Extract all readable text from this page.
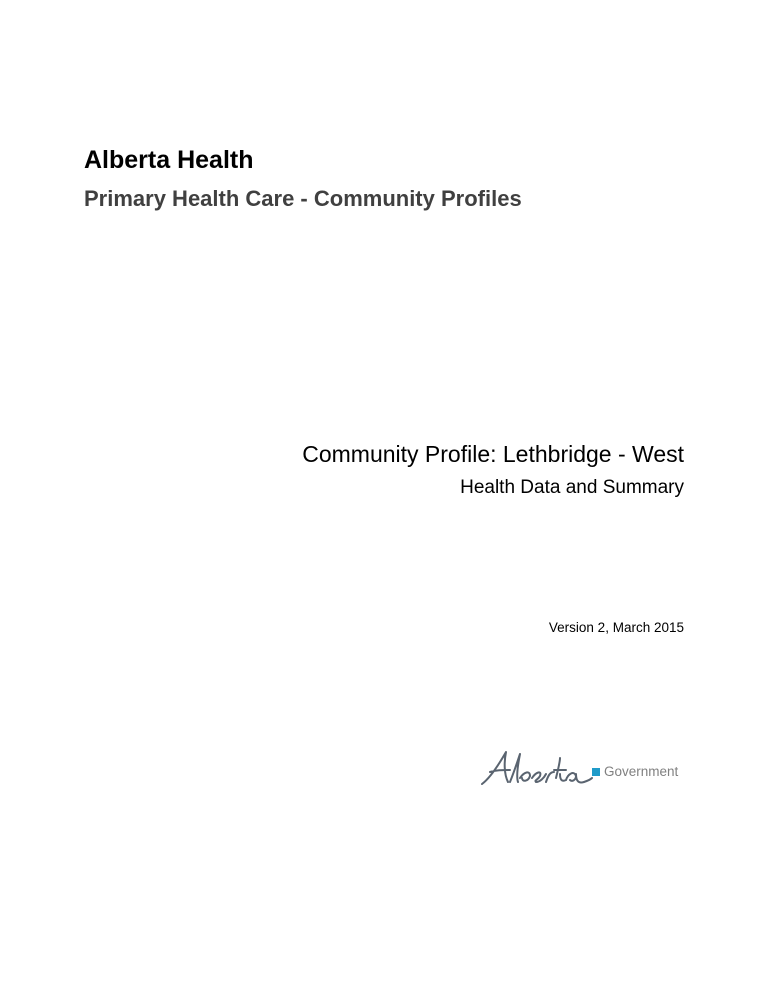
Alberta Health
Primary Health Care - Community Profiles
Community Profile: Lethbridge - West
Health Data and Summary
Version 2, March 2015
Government
